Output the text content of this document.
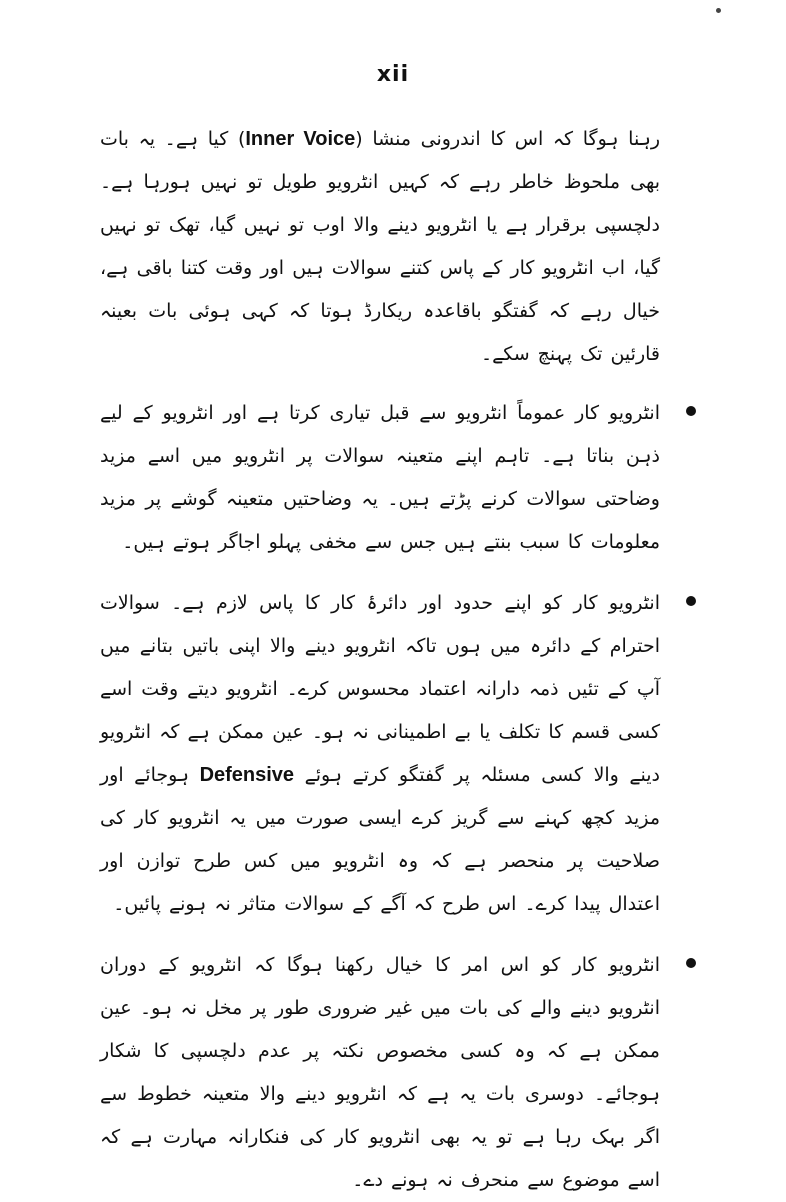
xii

رہنا ہوگا کہ اس کا اندرونی منشا (Inner Voice) کیا ہے۔ یہ بات بھی ملحوظ خاطر رہے کہ کہیں انٹرویو طویل تو نہیں ہورہا ہے۔ دلچسپی برقرار ہے یا انٹرویو دینے والا اوب تو نہیں گیا، تھک تو نہیں گیا، اب انٹرویو کار کے پاس کتنے سوالات ہیں اور وقت کتنا باقی ہے، خیال رہے کہ گفتگو باقاعدہ ریکارڈ ہوتا کہ کہی ہوئی بات بعینہ قارئین تک پہنچ سکے۔

انٹرویو کار عموماً انٹرویو سے قبل تیاری کرتا ہے اور انٹرویو کے لیے ذہن بناتا ہے۔ تاہم اپنے متعینہ سوالات پر انٹرویو میں اسے مزید وضاحتی سوالات کرنے پڑتے ہیں۔ یہ وضاحتیں متعینہ گوشے پر مزید معلومات کا سبب بنتے ہیں جس سے مخفی پہلو اجاگر ہوتے ہیں۔

انٹرویو کار کو اپنے حدود اور دائرۂ کار کا پاس لازم ہے۔ سوالات احترام کے دائرہ میں ہوں تاکہ انٹرویو دینے والا اپنی باتیں بتانے میں آپ کے تئیں ذمہ دارانہ اعتماد محسوس کرے۔ انٹرویو دیتے وقت اسے کسی قسم کا تکلف یا بے اطمینانی نہ ہو۔ عین ممکن ہے کہ انٹرویو دینے والا کسی مسئلہ پر گفتگو کرتے ہوئے Defensive ہوجائے اور مزید کچھ کہنے سے گریز کرے ایسی صورت میں یہ انٹرویو کار کی صلاحیت پر منحصر ہے کہ وہ انٹرویو میں کس طرح توازن اور اعتدال پیدا کرے۔ اس طرح کہ آگے کے سوالات متاثر نہ ہونے پائیں۔

انٹرویو کار کو اس امر کا خیال رکھنا ہوگا کہ انٹرویو کے دوران انٹرویو دینے والے کی بات میں غیر ضروری طور پر مخل نہ ہو۔ عین ممکن ہے کہ وہ کسی مخصوص نکتہ پر عدم دلچسپی کا شکار ہوجائے۔ دوسری بات یہ ہے کہ انٹرویو دینے والا متعینہ خطوط سے اگر بہک رہا ہے تو یہ بھی انٹرویو کار کی فنکارانہ مہارت ہے کہ اسے موضوع سے منحرف نہ ہونے دے۔
